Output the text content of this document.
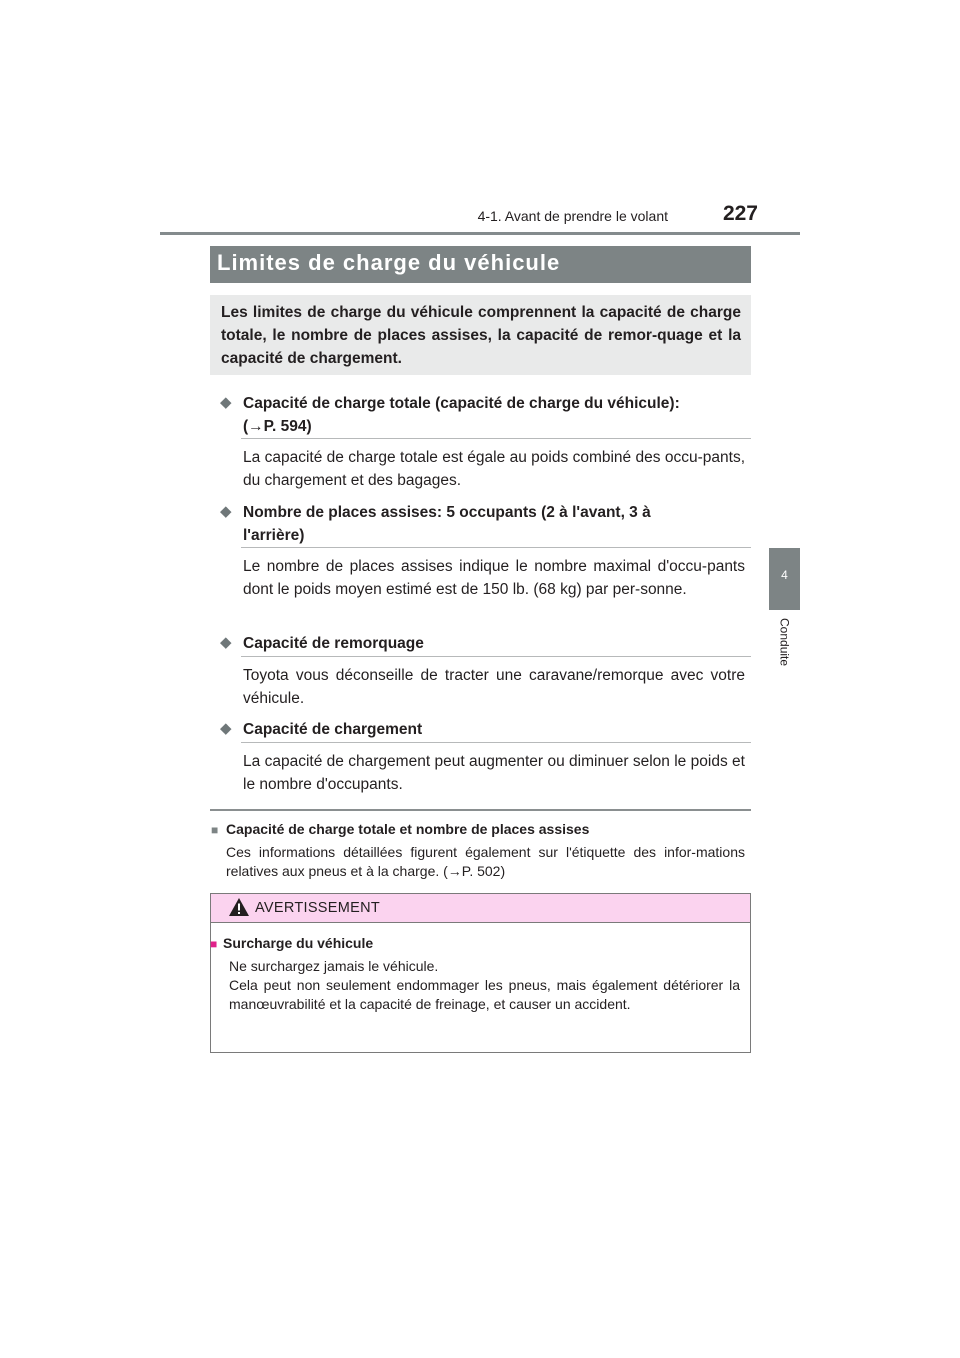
4-1. Avant de prendre le volant	227
4
Conduite
Limites de charge du véhicule
Les limites de charge du véhicule comprennent la capacité de charge totale, le nombre de places assises, la capacité de remor-quage et la capacité de chargement.
◆ Capacité de charge totale (capacité de charge du véhicule):
(→P. 594)
La capacité de charge totale est égale au poids combiné des occu-pants, du chargement et des bagages.
◆ Nombre de places assises: 5 occupants (2 à l'avant, 3 à
l'arrière)
Le nombre de places assises indique le nombre maximal d'occu-pants dont le poids moyen estimé est de 150 lb. (68 kg) par per-sonne.
◆ Capacité de remorquage
Toyota vous déconseille de tracter une caravane/remorque avec votre véhicule.
◆ Capacité de chargement
La capacité de chargement peut augmenter ou diminuer selon le poids et le nombre d'occupants.
■ Capacité de charge totale et nombre de places assises
Ces informations détaillées figurent également sur l'étiquette des infor-mations relatives aux pneus et à la charge. (→P. 502)
AVERTISSEMENT
■ Surcharge du véhicule
Ne surchargez jamais le véhicule.
Cela peut non seulement endommager les pneus, mais également détériorer la manœuvrabilité et la capacité de freinage, et causer un accident.
